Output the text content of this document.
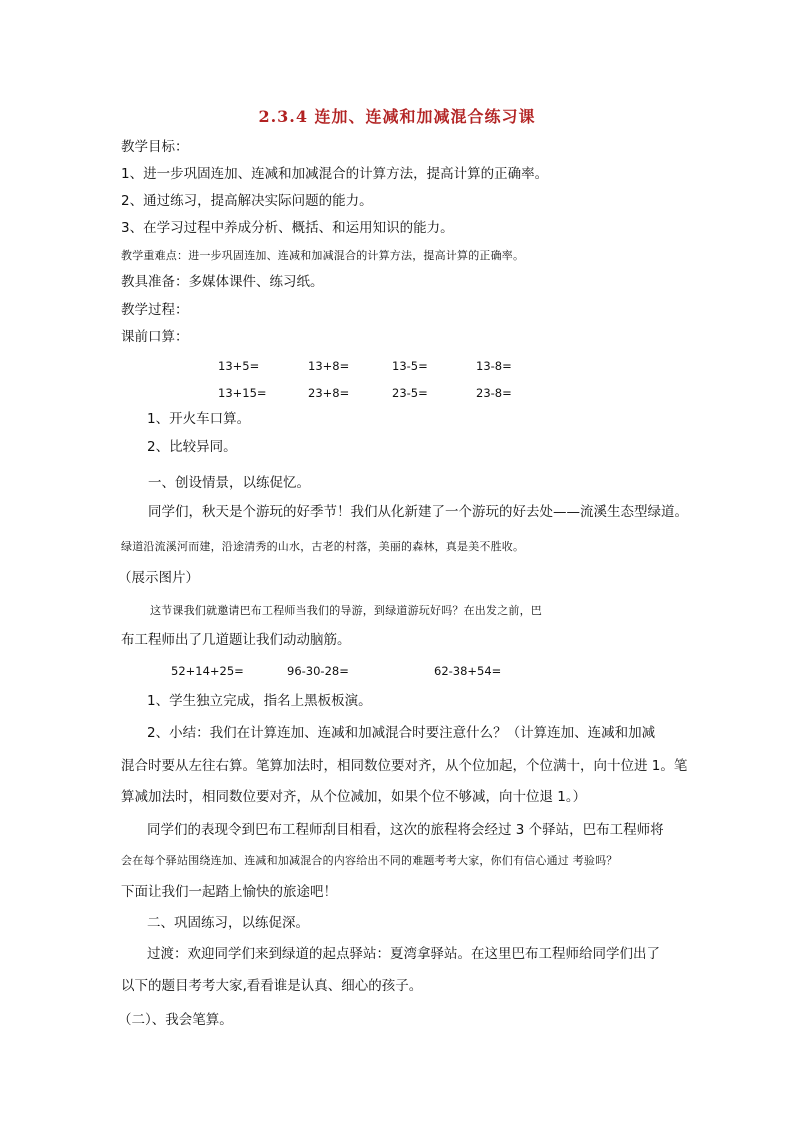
2.3.4 连加、连减和加减混合练习课
教学目标：
1、进一步巩固连加、连减和加减混合的计算方法，提高计算的正确率。
2、通过练习，提高解决实际问题的能力。
3、在学习过程中养成分析、概括、和运用知识的能力。
教学重难点：进一步巩固连加、连减和加减混合的计算方法，提高计算的正确率。
教具准备：多媒体课件、练习纸。
教学过程：
课前口算：
13+5=	13+8=	13-5=	13-8=
13+15=	23+8=	23-5=	23-8=
1、开火车口算。
2、比较异同。
一、创设情景，以练促忆。
同学们，秋天是个游玩的好季节！我们从化新建了一个游玩的好去处——流溪生态型绿道。
绿道沿流溪河而建，沿途清秀的山水，古老的村落，美丽的森林，真是美不胜收。
（展示图片）
这节课我们就邀请巴布工程师当我们的导游，到绿道游玩好吗？在出发之前，巴
布工程师出了几道题让我们动动脑筋。
52+14+25=	96-30-28=	62-38+54=
1、学生独立完成，指名上黑板板演。
2、小结：我们在计算连加、连减和加减混合时要注意什么？（计算连加、连减和加减
混合时要从左往右算。笔算加法时，相同数位要对齐，从个位加起，个位满十，向十位进 1。笔
算减加法时，相同数位要对齐，从个位减加，如果个位不够减，向十位退 1。）
同学们的表现令到巴布工程师刮目相看，这次的旅程将会经过 3 个驿站，巴布工程师将
会在每个驿站围绕连加、连减和加减混合的内容给出不同的难题考考大家，你们有信心通过 考验吗？
下面让我们一起踏上愉快的旅途吧！
二、巩固练习，以练促深。
过渡：欢迎同学们来到绿道的起点驿站：夏湾拿驿站。在这里巴布工程师给同学们出了
以下的题目考考大家,看看谁是认真、细心的孩子。
（二）、我会笔算。
